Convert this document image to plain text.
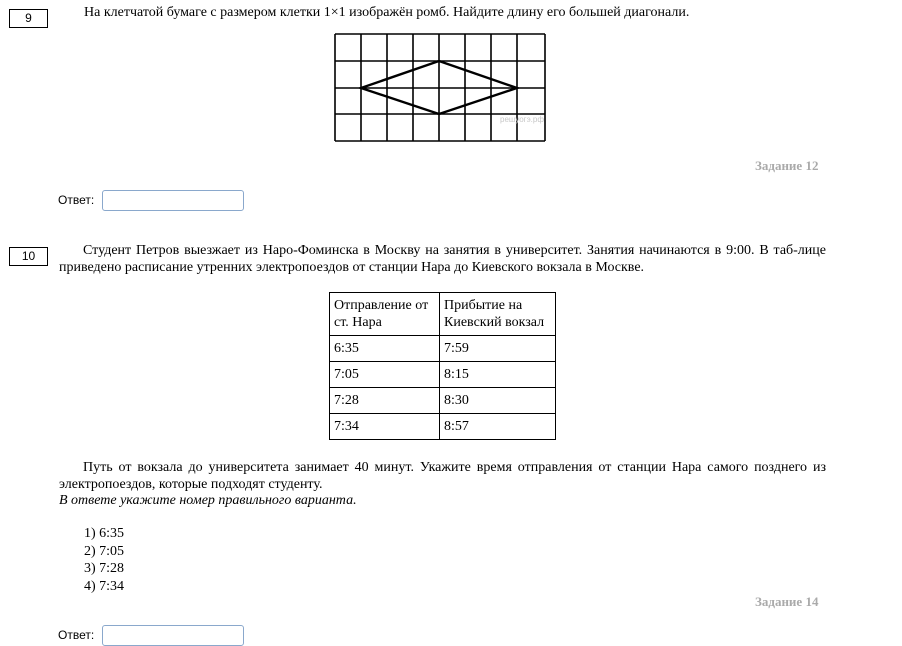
9	На клетчатой бумаге с размером клетки 1×1 изображён ромб. Найдите длину его большей диагонали.
решуогэ.рф
Задание 12
Ответ:
10	Студент Петров выезжает из Наро-Фоминска в Москву на занятия в университет. Занятия начинаются в 9:00. В таб-лице приведено расписание утренних электропоездов от станции Нара до Киевского вокзала в Москве.
Отправление от ст. Нара	Прибытие на Киевский вокзал
6:35	7:59
7:05	8:15
7:28	8:30
7:34	8:57
Путь от вокзала до университета занимает 40 минут. Укажите время отправления от станции Нара самого позднего из электропоездов, которые подходят студенту.
В ответе укажите номер правильного варианта.
1) 6:35
2) 7:05
3) 7:28
4) 7:34
Задание 14
Ответ:
